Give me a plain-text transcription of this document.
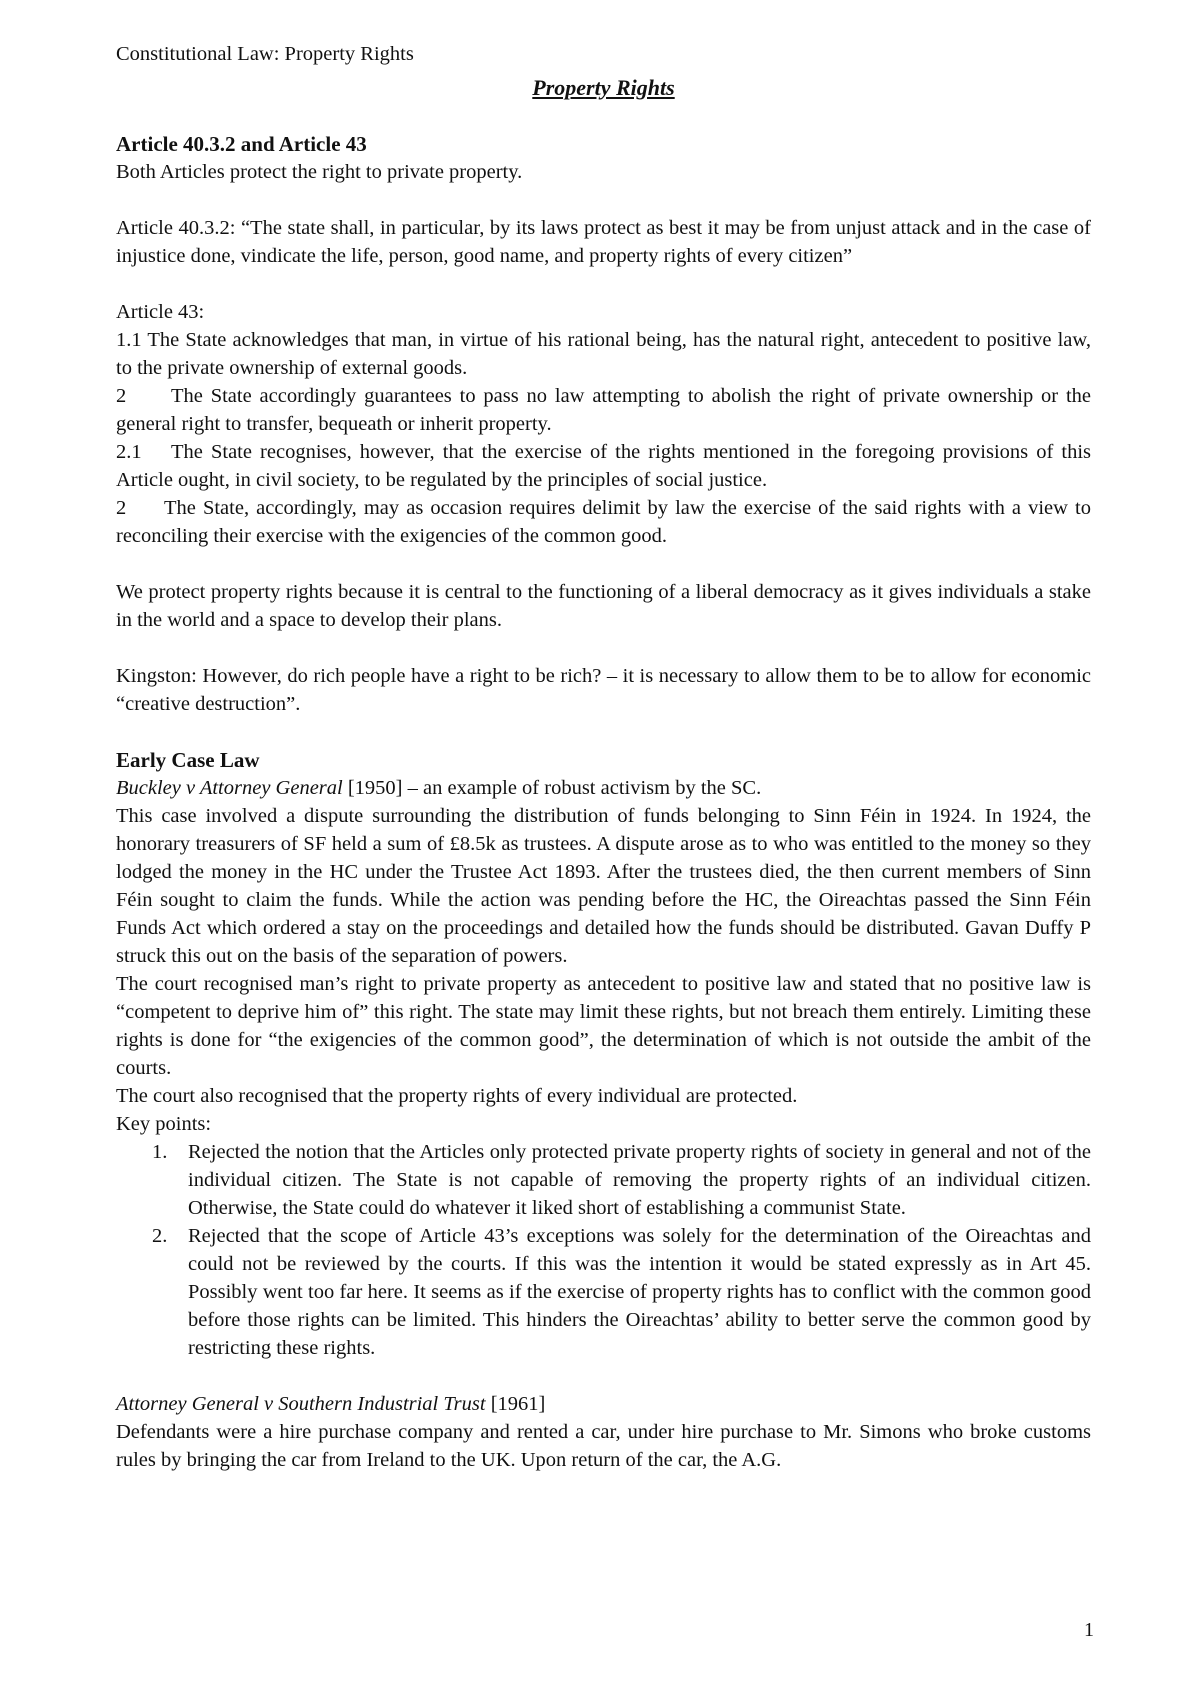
Constitutional Law: Property Rights

Property Rights

Article 40.3.2 and Article 43

Both Articles protect the right to private property.

Article 40.3.2: “The state shall, in particular, by its laws protect as best it may be from unjust attack and in the case of injustice done, vindicate the life, person, good name, and property rights of every citizen”

Article 43:

1.1 The State acknowledges that man, in virtue of his rational being, has the natural right, antecedent to positive law, to the private ownership of external goods.

2 The State accordingly guarantees to pass no law attempting to abolish the right of private ownership or the general right to transfer, bequeath or inherit property.

2.1 The State recognises, however, that the exercise of the rights mentioned in the foregoing provisions of this Article ought, in civil society, to be regulated by the principles of social justice.

2 The State, accordingly, may as occasion requires delimit by law the exercise of the said rights with a view to reconciling their exercise with the exigencies of the common good.

We protect property rights because it is central to the functioning of a liberal democracy as it gives individuals a stake in the world and a space to develop their plans.

Kingston: However, do rich people have a right to be rich? – it is necessary to allow them to be to allow for economic “creative destruction”.

Early Case Law

Buckley v Attorney General [1950] – an example of robust activism by the SC.

This case involved a dispute surrounding the distribution of funds belonging to Sinn Féin in 1924. In 1924, the honorary treasurers of SF held a sum of £8.5k as trustees. A dispute arose as to who was entitled to the money so they lodged the money in the HC under the Trustee Act 1893. After the trustees died, the then current members of Sinn Féin sought to claim the funds. While the action was pending before the HC, the Oireachtas passed the Sinn Féin Funds Act which ordered a stay on the proceedings and detailed how the funds should be distributed. Gavan Duffy P struck this out on the basis of the separation of powers.

The court recognised man’s right to private property as antecedent to positive law and stated that no positive law is “competent to deprive him of” this right. The state may limit these rights, but not breach them entirely. Limiting these rights is done for “the exigencies of the common good”, the determination of which is not outside the ambit of the courts.

The court also recognised that the property rights of every individual are protected.

Key points:

1. Rejected the notion that the Articles only protected private property rights of society in general and not of the individual citizen. The State is not capable of removing the property rights of an individual citizen. Otherwise, the State could do whatever it liked short of establishing a communist State.
2. Rejected that the scope of Article 43’s exceptions was solely for the determination of the Oireachtas and could not be reviewed by the courts. If this was the intention it would be stated expressly as in Art 45. Possibly went too far here. It seems as if the exercise of property rights has to conflict with the common good before those rights can be limited. This hinders the Oireachtas’ ability to better serve the common good by restricting these rights.

Attorney General v Southern Industrial Trust [1961]

Defendants were a hire purchase company and rented a car, under hire purchase to Mr. Simons who broke customs rules by bringing the car from Ireland to the UK. Upon return of the car, the A.G.

1
